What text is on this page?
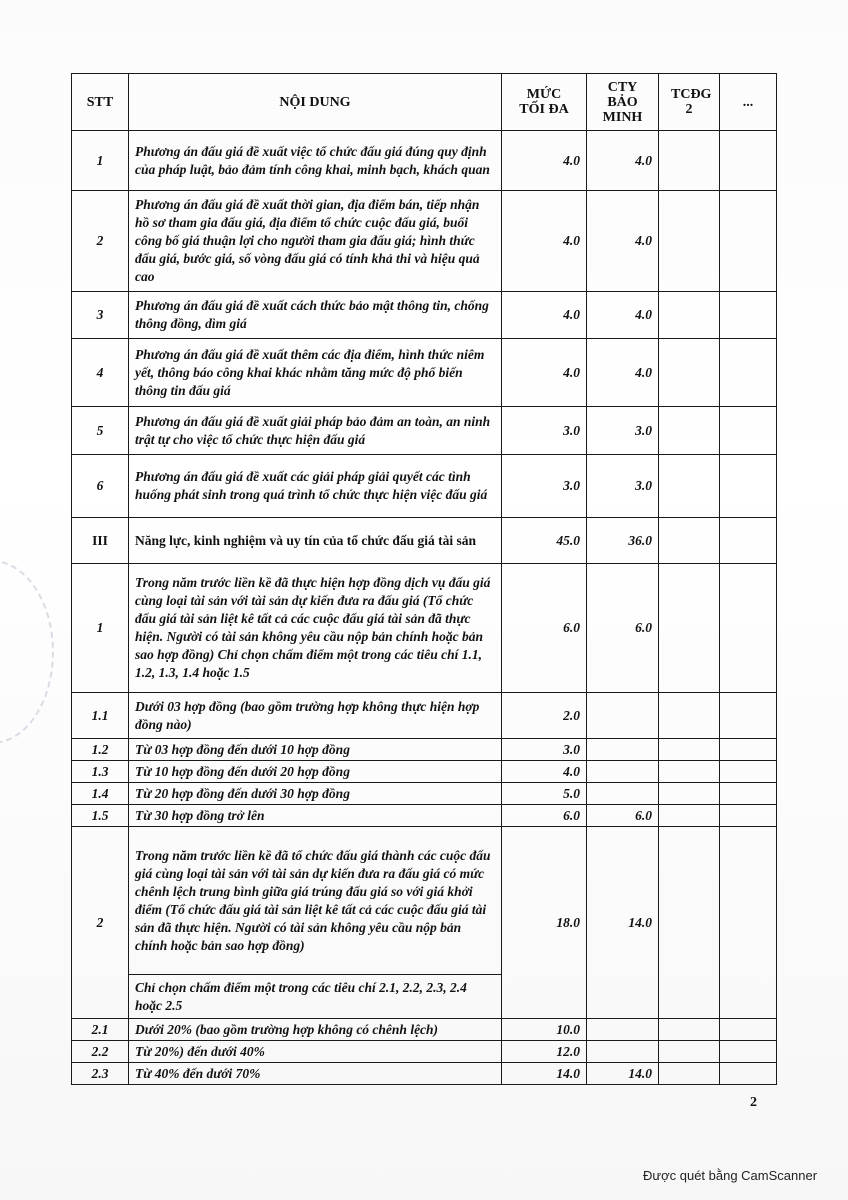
STT	NỘI DUNG	MỨC TỐI ĐA	CTY BẢO MINH	TCĐG 2	...
1	Phương án đấu giá đề xuất việc tổ chức đấu giá đúng quy định của pháp luật, bảo đảm tính công khai, minh bạch, khách quan	4.0	4.0		
2	Phương án đấu giá đề xuất thời gian, địa điểm bán, tiếp nhận hồ sơ tham gia đấu giá, địa điểm tổ chức cuộc đấu giá, buổi công bố giá thuận lợi cho người tham gia đấu giá; hình thức đấu giá, bước giá, số vòng đấu giá có tính khả thi và hiệu quả cao	4.0	4.0		
3	Phương án đấu giá đề xuất cách thức bảo mật thông tin, chống thông đồng, dìm giá	4.0	4.0		
4	Phương án đấu giá đề xuất thêm các địa điểm, hình thức niêm yết, thông báo công khai khác nhằm tăng mức độ phổ biến thông tin đấu giá	4.0	4.0		
5	Phương án đấu giá đề xuất giải pháp bảo đảm an toàn, an ninh trật tự cho việc tổ chức thực hiện đấu giá	3.0	3.0		
6	Phương án đấu giá đề xuất các giải pháp giải quyết các tình huống phát sinh trong quá trình tổ chức thực hiện việc đấu giá	3.0	3.0		
III	Năng lực, kinh nghiệm và uy tín của tổ chức đấu giá tài sản	45.0	36.0		
1	Trong năm trước liền kề đã thực hiện hợp đồng dịch vụ đấu giá cùng loại tài sản với tài sản dự kiến đưa ra đấu giá (Tổ chức đấu giá tài sản liệt kê tất cả các cuộc đấu giá tài sản đã thực hiện. Người có tài sản không yêu cầu nộp bản chính hoặc bản sao hợp đồng) Chỉ chọn chấm điểm một trong các tiêu chí 1.1, 1.2, 1.3, 1.4 hoặc 1.5	6.0	6.0		
1.1	Dưới 03 hợp đồng (bao gồm trường hợp không thực hiện hợp đồng nào)	2.0			
1.2	Từ 03 hợp đồng đến dưới 10 hợp đồng	3.0			
1.3	Từ 10 hợp đồng đến dưới 20 hợp đồng	4.0			
1.4	Từ 20 hợp đồng đến dưới 30 hợp đồng	5.0			
1.5	Từ 30 hợp đồng trở lên	6.0	6.0		
2	Trong năm trước liền kề đã tổ chức đấu giá thành các cuộc đấu giá cùng loại tài sản với tài sản dự kiến đưa ra đấu giá có mức chênh lệch trung bình giữa giá trúng đấu giá so với giá khởi điểm (Tổ chức đấu giá tài sản liệt kê tất cả các cuộc đấu giá tài sản đã thực hiện. Người có tài sản không yêu cầu nộp bản chính hoặc bản sao hợp đồng)	18.0	14.0		
	Chỉ chọn chấm điểm một trong các tiêu chí 2.1, 2.2, 2.3, 2.4 hoặc 2.5				
2.1	Dưới 20% (bao gồm trường hợp không có chênh lệch)	10.0			
2.2	Từ 20%) đến dưới 40%	12.0			
2.3	Từ 40% đến dưới 70%	14.0	14.0		
2
Được quét bằng CamScanner
